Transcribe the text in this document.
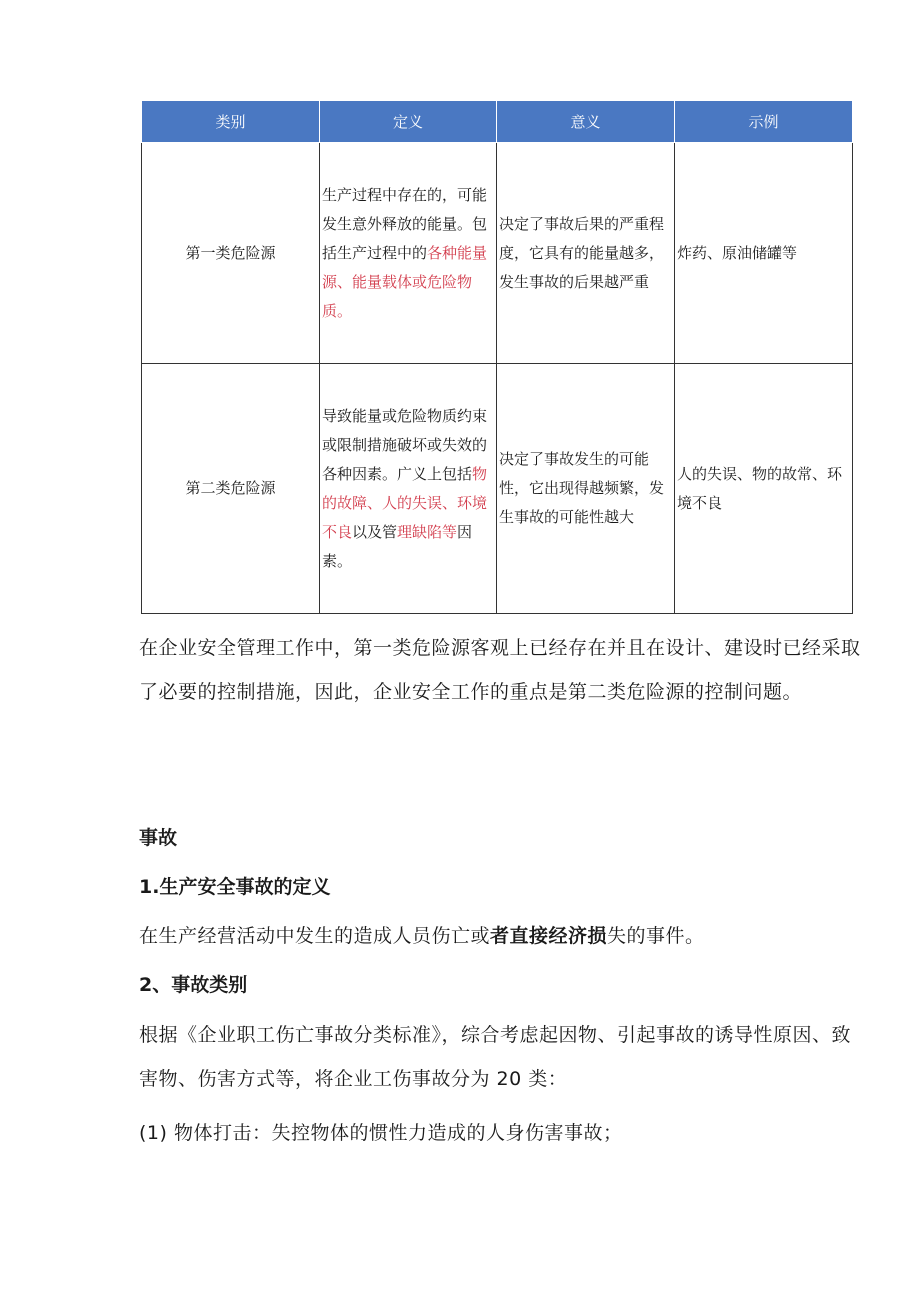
类别	定义	意义	示例
第一类危险源	生产过程中存在的，可能发生意外释放的能量。包括生产过程中的各种能量源、能量载体或危险物质。	决定了事故后果的严重程度，它具有的能量越多，发生事故的后果越严重	炸药、原油储罐等
第二类危险源	导致能量或危险物质约束或限制措施破坏或失效的各种因素。广义上包括物的故障、人的失误、环境不良以及管理缺陷等因素。	决定了事故发生的可能性，它出现得越频繁，发生事故的可能性越大	人的失误、物的故常、环境不良
在企业安全管理工作中，第一类危险源客观上已经存在并且在设计、建设时已经采取了必要的控制措施，因此，企业安全工作的重点是第二类危险源的控制问题。
事故
1.生产安全事故的定义
在生产经营活动中发生的造成人员伤亡或者直接经济损失的事件。
2、事故类别
根据《企业职工伤亡事故分类标准》，综合考虑起因物、引起事故的诱导性原因、致害物、伤害方式等，将企业工伤事故分为 20 类：
(1) 物体打击：失控物体的惯性力造成的人身伤害事故；
